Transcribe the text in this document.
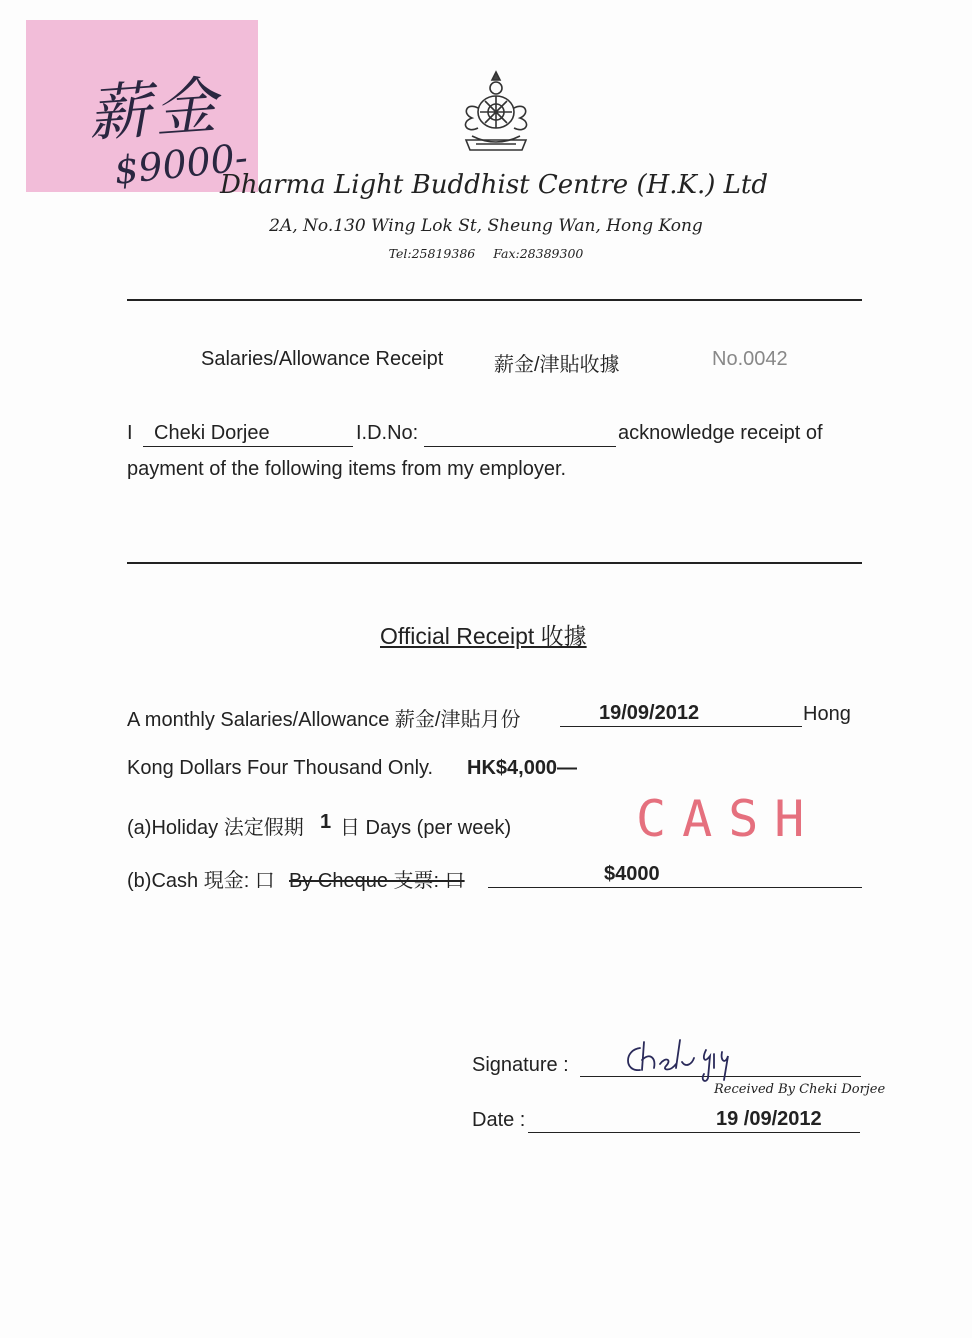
薪金
$9000-
Dharma Light Buddhist Centre (H.K.) Ltd
2A, No.130 Wing Lok St, Sheung Wan, Hong Kong
Tel:25819386 Fax:28389300
Salaries/Allowance Receipt	薪金/津貼收據	No.0042
I Cheki Dorjee	I.D.No:	acknowledge receipt of
payment of the following items from my employer.
Official Receipt 收據
A monthly Salaries/Allowance 薪金/津貼月份	19/09/2012	Hong
Kong Dollars Four Thousand Only. HK$4,000—
(a)Holiday 法定假期 1 日 Days (per week) CASH
(b)Cash 現金: 口 By Cheque 支票: 口	$4000
Signature :
Received By Cheki Dorjee
Date :	19 /09/2012
